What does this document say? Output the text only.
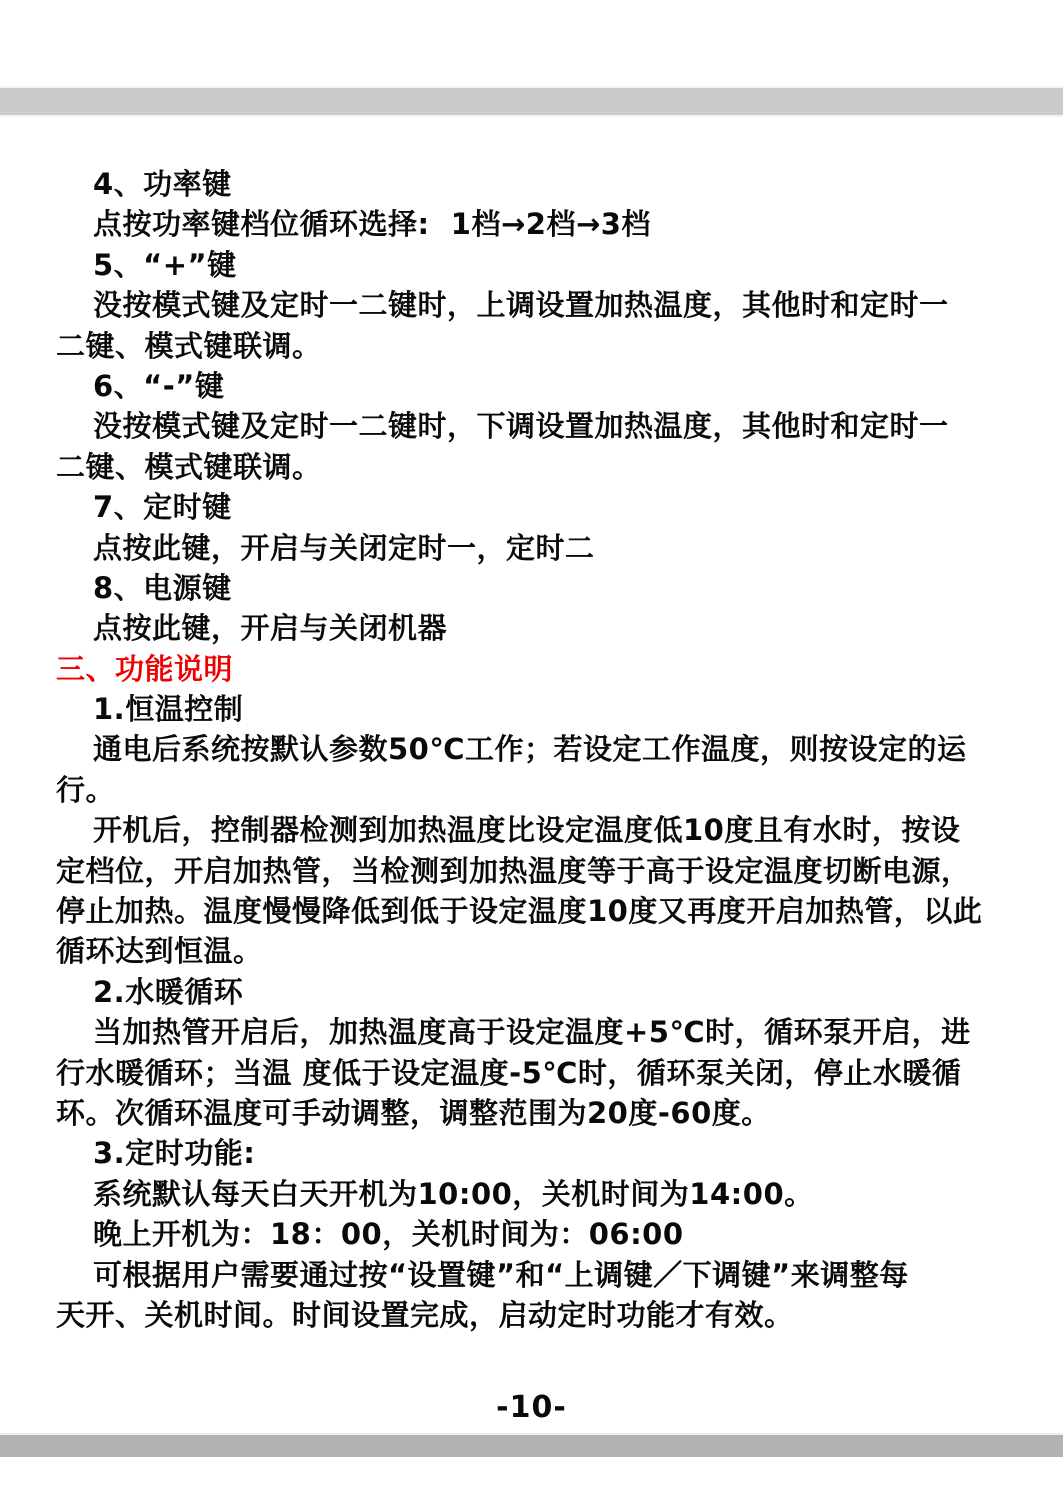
4、功率键
点按功率键档位循环选择:  1档→2档→3档
5、“+”键
没按模式键及定时一二键时，上调设置加热温度，其他时和定时一
二键、模式键联调。
6、“-”键
没按模式键及定时一二键时，下调设置加热温度，其他时和定时一
二键、模式键联调。
7、定时键
点按此键，开启与关闭定时一，定时二
8、电源键
点按此键，开启与关闭机器
三、功能说明
1.恒温控制
通电后系统按默认参数50℃工作；若设定工作温度，则按设定的运
行。
开机后，控制器检测到加热温度比设定温度低10度且有水时，按设
定档位，开启加热管，当检测到加热温度等于高于设定温度切断电源，
停止加热。温度慢慢降低到低于设定温度10度又再度开启加热管，以此
循环达到恒温。
2.水暖循环
当加热管开启后，加热温度高于设定温度+5℃时，循环泵开启，进
行水暖循环；当温 度低于设定温度-5℃时，循环泵关闭，停止水暖循
环。次循环温度可手动调整，调整范围为20度-60度。
3.定时功能:
系统默认每天白天开机为10:00，关机时间为14:00。
晚上开机为：18：00，关机时间为：06:00
可根据用户需要通过按“设置键”和“上调键／下调键”来调整每
天开、关机时间。时间设置完成，启动定时功能才有效。
-10-
